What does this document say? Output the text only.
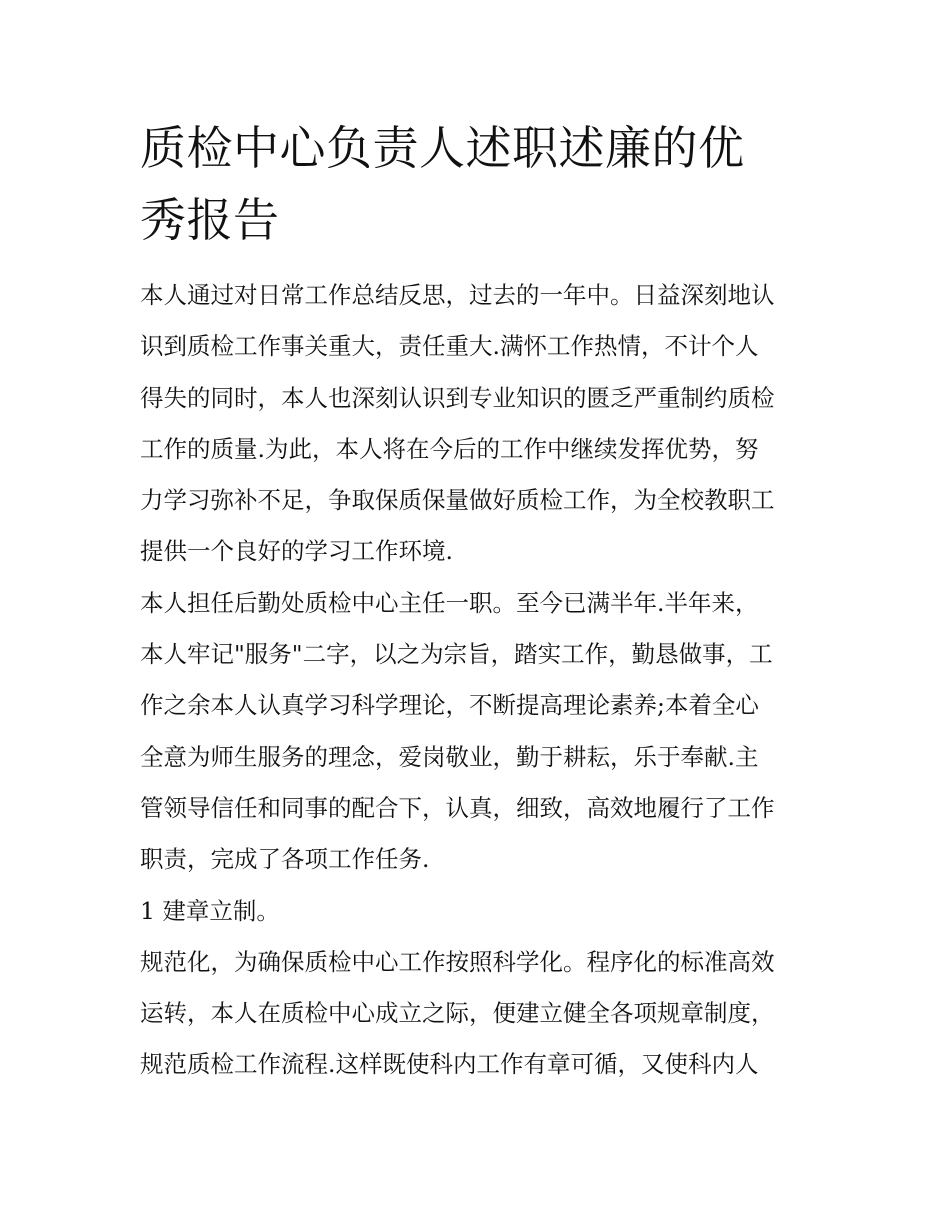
质检中心负责人述职述廉的优
秀报告

本人通过对日常工作总结反思，过去的一年中。日益深刻地认
识到质检工作事关重大，责任重大.满怀工作热情，不计个人
得失的同时，本人也深刻认识到专业知识的匮乏严重制约质检
工作的质量.为此，本人将在今后的工作中继续发挥优势，努
力学习弥补不足，争取保质保量做好质检工作，为全校教职工
提供一个良好的学习工作环境.

本人担任后勤处质检中心主任一职。至今已满半年.半年来，
本人牢记"服务"二字，以之为宗旨，踏实工作，勤恳做事，工
作之余本人认真学习科学理论，不断提高理论素养;本着全心
全意为师生服务的理念，爱岗敬业，勤于耕耘，乐于奉献.主
管领导信任和同事的配合下，认真，细致，高效地履行了工作
职责，完成了各项工作任务.

1 建章立制。

规范化，为确保质检中心工作按照科学化。程序化的标准高效
运转，本人在质检中心成立之际，便建立健全各项规章制度，
规范质检工作流程.这样既使科内工作有章可循，又使科内人
